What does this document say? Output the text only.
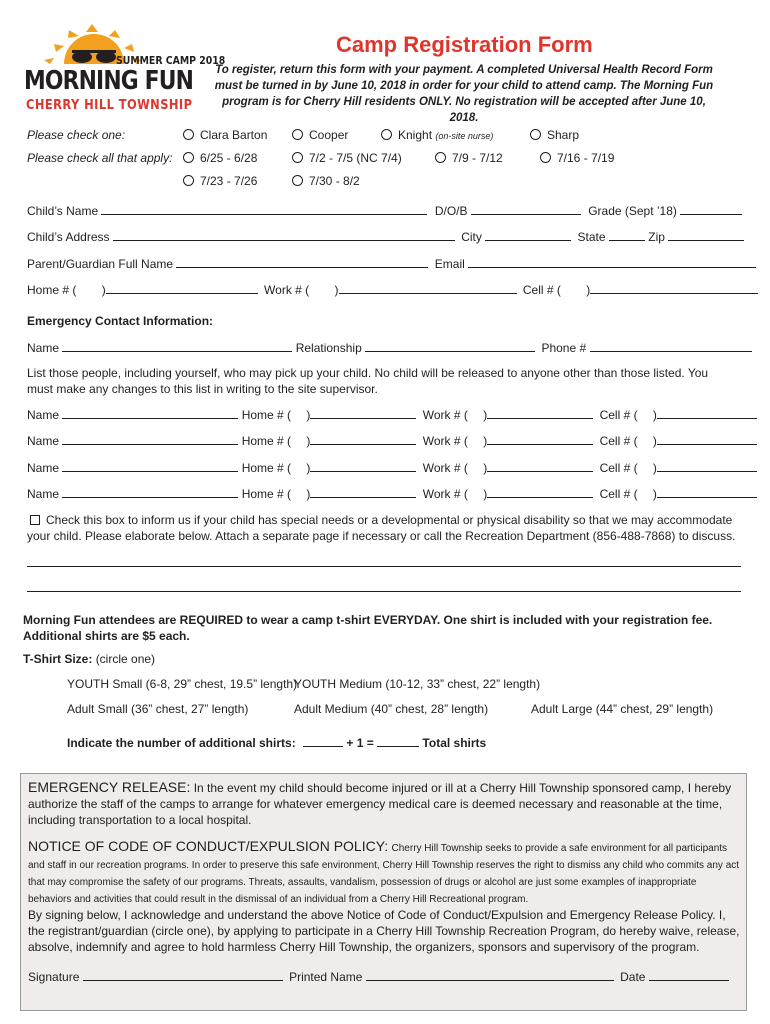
SUMMER CAMP 2018
MORNING FUN
CHERRY HILL TOWNSHIP
Camp Registration Form
To register, return this form with your payment. A completed Universal Health Record Form must be turned in by June 10, 2018 in order for your child to attend camp. The Morning Fun program is for Cherry Hill residents ONLY. No registration will be accepted after June 10, 2018.
Please check one:	Clara Barton	Cooper	Knight (on-site nurse)	Sharp
Please check all that apply:	6/25 - 6/28	7/2 - 7/5 (NC 7/4)	7/9 - 7/12	7/16 - 7/19
7/23 - 7/26	7/30 - 8/2
Child’s Name	D/O/B	Grade (Sept ’18)
Child’s Address	City	State	Zip
Parent/Guardian Full Name	Email
Home # ( )	Work # ( )	Cell # ( )
Emergency Contact Information:
Name	Relationship	Phone #
List those people, including yourself, who may pick up your child. No child will be released to anyone other than those listed. You must make any changes to this list in writing to the site supervisor.
Name	Home # ( )	Work # ( )	Cell # ( )
Name	Home # ( )	Work # ( )	Cell # ( )
Name	Home # ( )	Work # ( )	Cell # ( )
Name	Home # ( )	Work # ( )	Cell # ( )
Check this box to inform us if your child has special needs or a developmental or physical disability so that we may accommodate your child. Please elaborate below. Attach a separate page if necessary or call the Recreation Department (856-488-7868) to discuss.
Morning Fun attendees are REQUIRED to wear a camp t-shirt EVERYDAY. One shirt is included with your registration fee. Additional shirts are $5 each.
T-Shirt Size: (circle one)
YOUTH Small (6-8, 29” chest, 19.5” length)
YOUTH Medium (10-12, 33” chest, 22” length)
Adult Small (36” chest, 27” length)	Adult Medium (40” chest, 28” length)	Adult Large (44” chest, 29” length)
Indicate the number of additional shirts:	+ 1 =	Total shirts
EMERGENCY RELEASE: In the event my child should become injured or ill at a Cherry Hill Township sponsored camp, I hereby authorize the staff of the camps to arrange for whatever emergency medical care is deemed necessary and reasonable at the time, including transportation to a local hospital.
NOTICE OF CODE OF CONDUCT/EXPULSION POLICY: Cherry Hill Township seeks to provide a safe environment for all participants and staff in our recreation programs. In order to preserve this safe environment, Cherry Hill Township reserves the right to dismiss any child who commits any act that may compromise the safety of our programs. Threats, assaults, vandalism, possession of drugs or alcohol are just some examples of inappropriate behaviors and activities that could result in the dismissal of an individual from a Cherry Hill Recreational program.
By signing below, I acknowledge and understand the above Notice of Code of Conduct/Expulsion and Emergency Release Policy. I, the registrant/guardian (circle one), by applying to participate in a Cherry Hill Township Recreation Program, do hereby waive, release, absolve, indemnify and agree to hold harmless Cherry Hill Township, the organizers, sponsors and supervisory of the program.
Signature	Printed Name	Date
